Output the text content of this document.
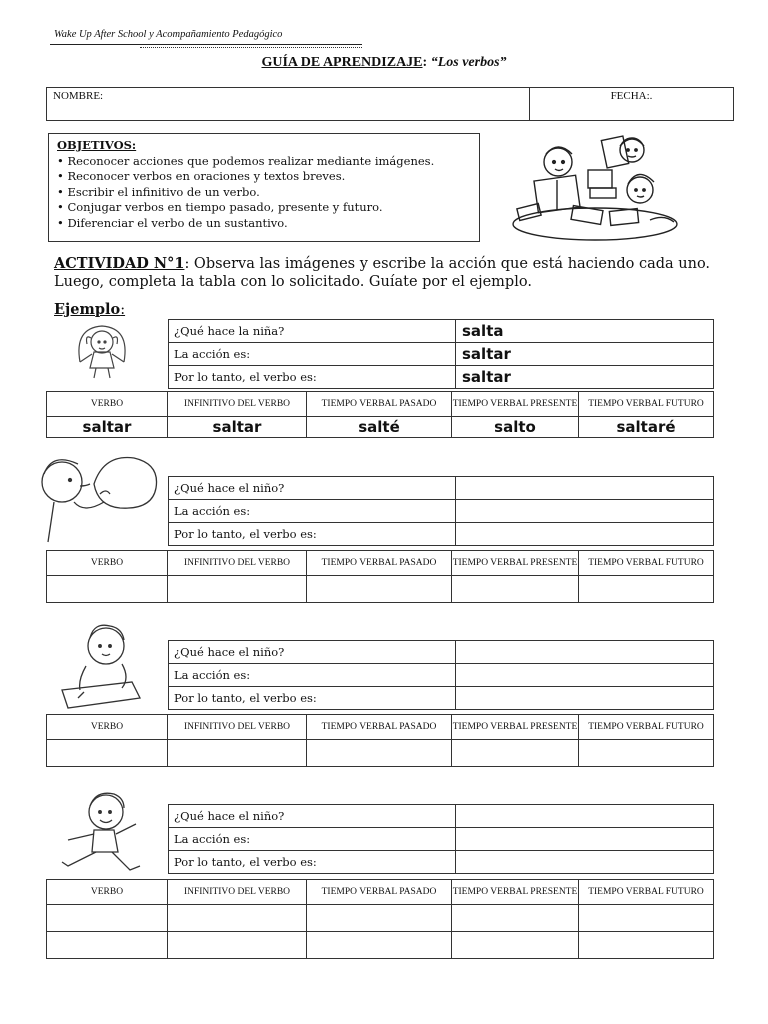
Wake Up After School y Acompañamiento Pedagógico
GUÍA DE APRENDIZAJE: “Los verbos”
NOMBRE:	FECHA:.
OBJETIVOS:
• Reconocer acciones que podemos realizar mediante imágenes.
• Reconocer verbos en oraciones y textos breves.
• Escribir el infinitivo de un verbo.
• Conjugar verbos en tiempo pasado, presente y futuro.
• Diferenciar el verbo de un sustantivo.
ACTIVIDAD N°1: Observa las imágenes y escribe la acción que está haciendo cada uno. Luego, completa la tabla con lo solicitado. Guíate por el ejemplo.
Ejemplo:
¿Qué hace la niña?	salta
La acción es:	saltar
Por lo tanto, el verbo es:	saltar
VERBO	INFINITIVO DEL VERBO	TIEMPO VERBAL PASADO	TIEMPO VERBAL PRESENTE	TIEMPO VERBAL FUTURO
saltar	saltar	salté	salto	saltaré
¿Qué hace el niño?	
La acción es:	
Por lo tanto, el verbo es:	
VERBO	INFINITIVO DEL VERBO	TIEMPO VERBAL PASADO	TIEMPO VERBAL PRESENTE	TIEMPO VERBAL FUTURO

¿Qué hace el niño?	
La acción es:	
Por lo tanto, el verbo es:	
VERBO	INFINITIVO DEL VERBO	TIEMPO VERBAL PASADO	TIEMPO VERBAL PRESENTE	TIEMPO VERBAL FUTURO

¿Qué hace el niño?	
La acción es:	
Por lo tanto, el verbo es:	
VERBO	INFINITIVO DEL VERBO	TIEMPO VERBAL PASADO	TIEMPO VERBAL PRESENTE	TIEMPO VERBAL FUTURO
